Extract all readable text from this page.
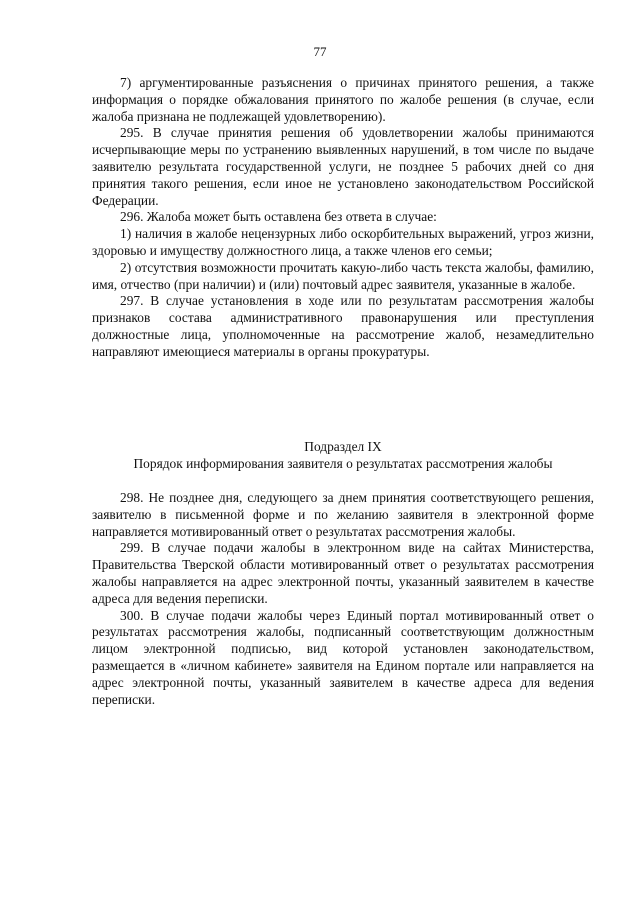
77

7) аргументированные разъяснения о причинах принятого решения, а также информация о порядке обжалования принятого по жалобе решения (в случае, если жалоба признана не подлежащей удовлетворению).

295. В случае принятия решения об удовлетворении жалобы принимаются исчерпывающие меры по устранению выявленных нарушений, в том числе по выдаче заявителю результата государственной услуги, не позднее 5 рабочих дней со дня принятия такого решения, если иное не установлено законодательством Российской Федерации.

296. Жалоба может быть оставлена без ответа в случае:

1) наличия в жалобе нецензурных либо оскорбительных выражений, угроз жизни, здоровью и имуществу должностного лица, а также членов его семьи;

2) отсутствия возможности прочитать какую-либо часть текста жалобы, фамилию, имя, отчество (при наличии) и (или) почтовый адрес заявителя, указанные в жалобе.

297. В случае установления в ходе или по результатам рассмотрения жалобы признаков состава административного правонарушения или преступления должностные лица, уполномоченные на рассмотрение жалоб, незамедлительно направляют имеющиеся материалы в органы прокуратуры.

Подраздел IX
Порядок информирования заявителя о результатах рассмотрения жалобы

298. Не позднее дня, следующего за днем принятия соответствующего решения, заявителю в письменной форме и по желанию заявителя в электронной форме направляется мотивированный ответ о результатах рассмотрения жалобы.

299. В случае подачи жалобы в электронном виде на сайтах Министерства, Правительства Тверской области мотивированный ответ о результатах рассмотрения жалобы направляется на адрес электронной почты, указанный заявителем в качестве адреса для ведения переписки.

300. В случае подачи жалобы через Единый портал мотивированный ответ о результатах рассмотрения жалобы, подписанный соответствующим должностным лицом электронной подписью, вид которой установлен законодательством, размещается в «личном кабинете» заявителя на Едином портале или направляется на адрес электронной почты, указанный заявителем в качестве адреса для ведения переписки.
